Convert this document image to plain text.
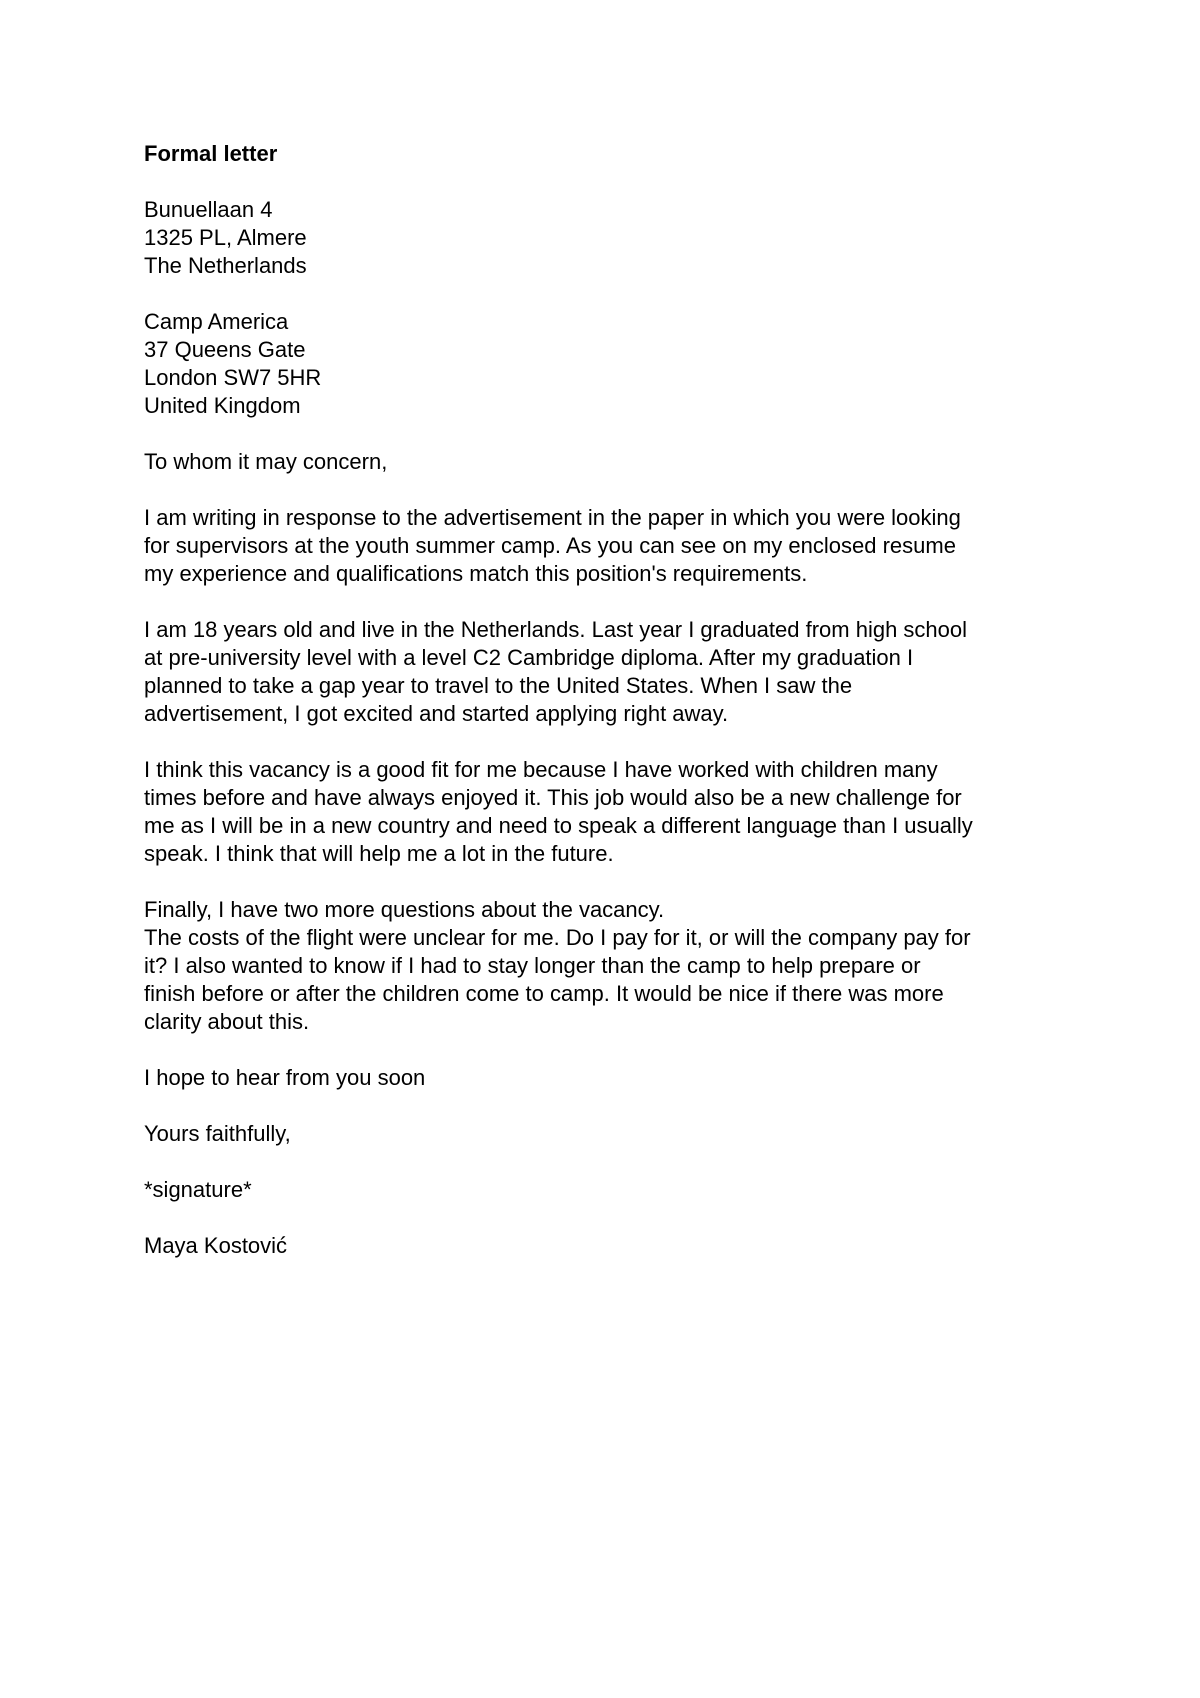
Formal letter
Bunuellaan 4
1325 PL, Almere
The Netherlands
Camp America
37 Queens Gate
London SW7 5HR
United Kingdom
To whom it may concern,
I am writing in response to the advertisement in the paper in which you were looking
for supervisors at the youth summer camp. As you can see on my enclosed resume
my experience and qualifications match this position's requirements.
I am 18 years old and live in the Netherlands. Last year I graduated from high school
at pre-university level with a level C2 Cambridge diploma. After my graduation I
planned to take a gap year to travel to the United States. When I saw the
advertisement, I got excited and started applying right away.
I think this vacancy is a good fit for me because I have worked with children many
times before and have always enjoyed it. This job would also be a new challenge for
me as I will be in a new country and need to speak a different language than I usually
speak. I think that will help me a lot in the future.
Finally, I have two more questions about the vacancy.
The costs of the flight were unclear for me. Do I pay for it, or will the company pay for
it? I also wanted to know if I had to stay longer than the camp to help prepare or
finish before or after the children come to camp. It would be nice if there was more
clarity about this.
I hope to hear from you soon
Yours faithfully,
*signature*
Maya Kostović
